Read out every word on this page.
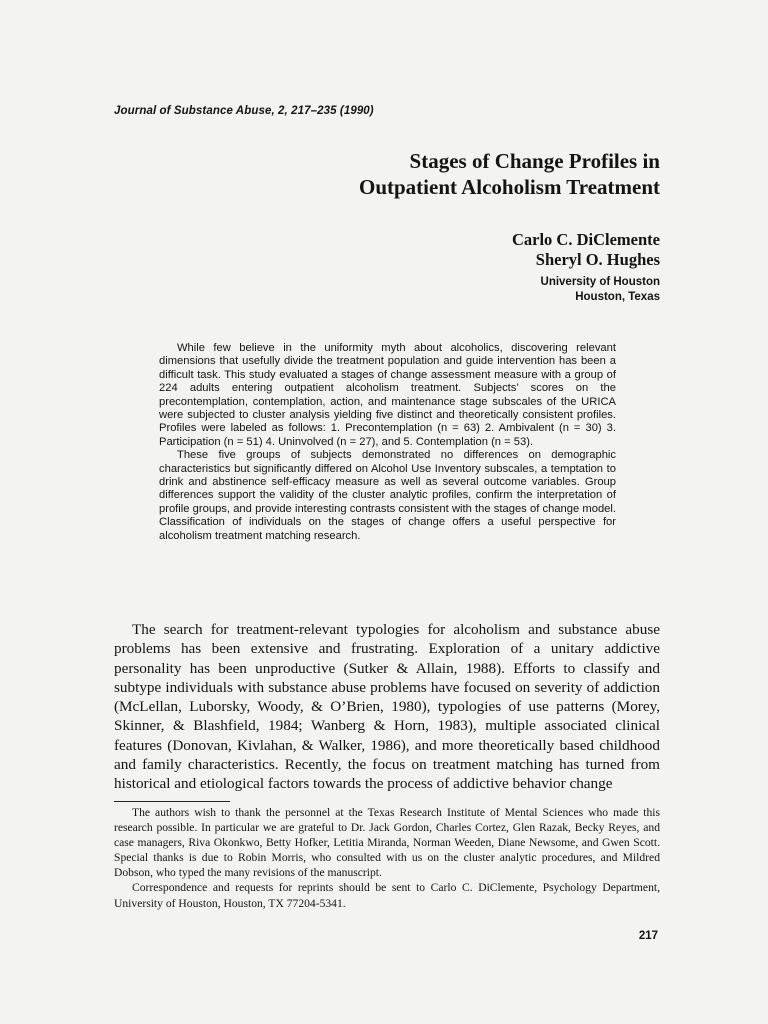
Journal of Substance Abuse, 2, 217–235 (1990)
Stages of Change Profiles in
Outpatient Alcoholism Treatment
Carlo C. DiClemente
Sheryl O. Hughes
University of Houston
Houston, Texas

While few believe in the uniformity myth about alcoholics, discovering relevant dimensions that usefully divide the treatment population and guide intervention has been a difficult task. This study evaluated a stages of change assessment measure with a group of 224 adults entering outpatient alcoholism treatment. Subjects’ scores on the precontemplation, contemplation, action, and maintenance stage subscales of the URICA were subjected to cluster analysis yielding five distinct and theoretically consistent profiles. Profiles were labeled as follows: 1. Precontemplation (n = 63) 2. Ambivalent (n = 30) 3. Participation (n = 51) 4. Uninvolved (n = 27), and 5. Contemplation (n = 53).

These five groups of subjects demonstrated no differences on demographic characteristics but significantly differed on Alcohol Use Inventory subscales, a temptation to drink and abstinence self-efficacy measure as well as several outcome variables. Group differences support the validity of the cluster analytic profiles, confirm the interpretation of profile groups, and provide interesting contrasts consistent with the stages of change model. Classification of individuals on the stages of change offers a useful perspective for alcoholism treatment matching research.

The search for treatment-relevant typologies for alcoholism and substance abuse problems has been extensive and frustrating. Exploration of a unitary addictive personality has been unproductive (Sutker & Allain, 1988). Efforts to classify and subtype individuals with substance abuse problems have focused on severity of addiction (McLellan, Luborsky, Woody, & O’Brien, 1980), typologies of use patterns (Morey, Skinner, & Blashfield, 1984; Wanberg & Horn, 1983), multiple associated clinical features (Donovan, Kivlahan, & Walker, 1986), and more theoretically based childhood and family characteristics. Recently, the focus on treatment matching has turned from historical and etiological factors towards the process of addictive behavior change

The authors wish to thank the personnel at the Texas Research Institute of Mental Sciences who made this research possible. In particular we are grateful to Dr. Jack Gordon, Charles Cortez, Glen Razak, Becky Reyes, and case managers, Riva Okonkwo, Betty Hofker, Letitia Miranda, Norman Weeden, Diane Newsome, and Gwen Scott. Special thanks is due to Robin Morris, who consulted with us on the cluster analytic procedures, and Mildred Dobson, who typed the many revisions of the manuscript.

Correspondence and requests for reprints should be sent to Carlo C. DiClemente, Psychology Department, University of Houston, Houston, TX 77204-5341.

217
